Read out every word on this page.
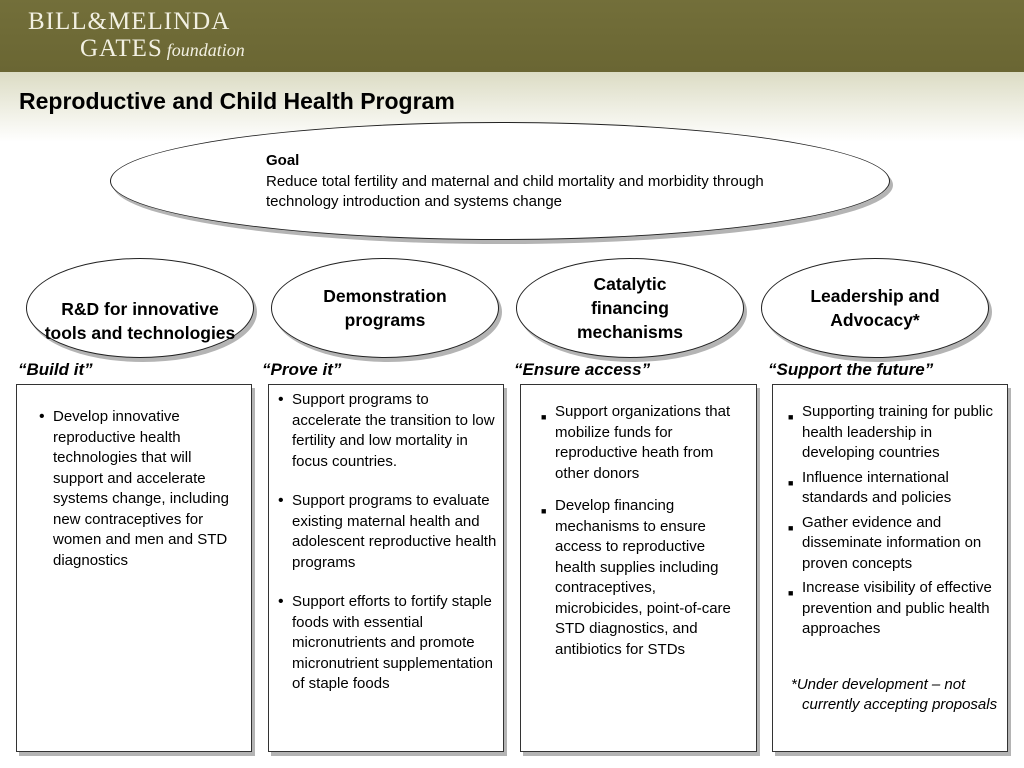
BILL&MELINDA
GATES foundation
Reproductive and Child Health Program
Goal
Reduce total fertility and maternal and child mortality and morbidity through technology introduction and systems change
R&D for innovative tools and technologies
Demonstration programs
Catalytic financing mechanisms
Leadership and Advocacy*
“Build it”	“Prove it”	“Ensure access”	“Support the future”
• Develop innovative reproductive health technologies that will support and accelerate systems change, including new contraceptives for women and men and STD diagnostics
• Support programs to accelerate the transition to low fertility and low mortality in focus countries.
• Support programs to evaluate existing maternal health and adolescent reproductive health programs
• Support efforts to fortify staple foods with essential micronutrients and promote micronutrient supplementation of staple foods
■ Support organizations that mobilize funds for reproductive heath from other donors
■ Develop financing mechanisms to ensure access to reproductive health supplies including contraceptives, microbicides, point-of-care STD diagnostics, and antibiotics for STDs
■ Supporting training for public health leadership in developing countries
■ Influence international standards and policies
■ Gather evidence and disseminate information on proven concepts
■ Increase visibility of effective prevention and public health approaches
*Under development – not currently accepting proposals
